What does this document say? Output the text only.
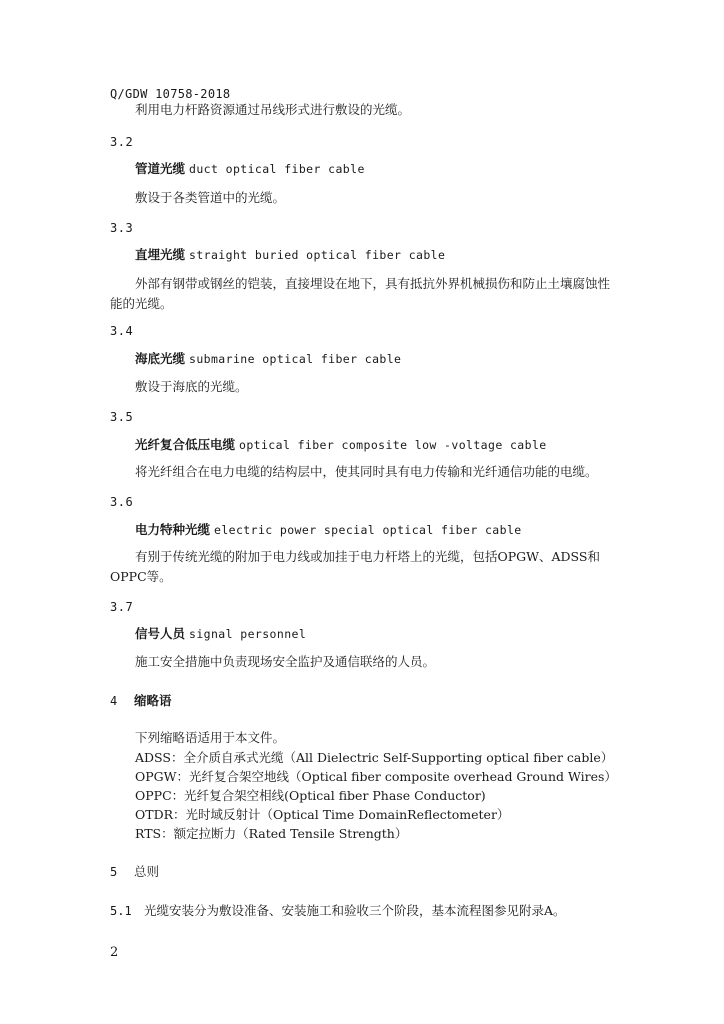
Q/GDW 10758-2018
利用电力杆路资源通过吊线形式进行敷设的光缆。
3.2
管道光缆 duct optical fiber cable
敷设于各类管道中的光缆。
3.3
直埋光缆 straight buried optical fiber cable
外部有钢带或钢丝的铠装，直接埋设在地下，具有抵抗外界机械损伤和防止土壤腐蚀性能的光缆。
3.4
海底光缆 submarine optical fiber cable
敷设于海底的光缆。
3.5
光纤复合低压电缆 optical fiber composite low -voltage cable
将光纤组合在电力电缆的结构层中，使其同时具有电力传输和光纤通信功能的电缆。
3.6
电力特种光缆 electric power special optical fiber cable
有别于传统光缆的附加于电力线或加挂于电力杆塔上的光缆，包括OPGW、ADSS和OPPC等。
3.7
信号人员 signal personnel
施工安全措施中负责现场安全监护及通信联络的人员。
4 缩略语
下列缩略语适用于本文件。
ADSS：全介质自承式光缆（All Dielectric Self-Supporting optical fiber cable）
OPGW：光纤复合架空地线（Optical fiber composite overhead Ground Wires）
OPPC：光纤复合架空相线(Optical fiber Phase Conductor)
OTDR：光时域反射计（Optical Time DomainReflectometer）
RTS：额定拉断力（Rated Tensile Strength）
5 总则
5.1 光缆安装分为敷设准备、安装施工和验收三个阶段，基本流程图参见附录A。
2
